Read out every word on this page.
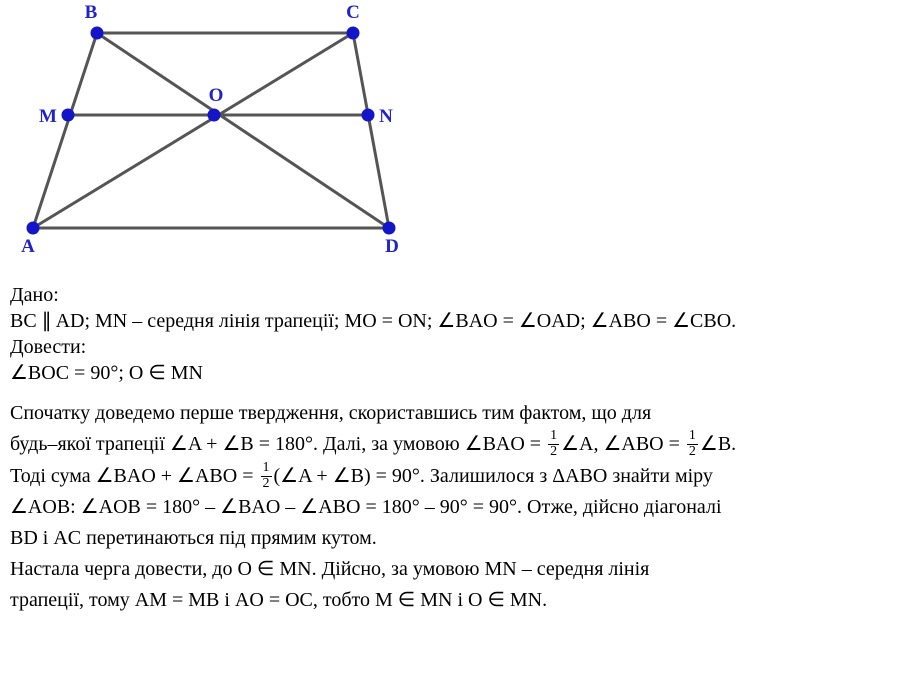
B	C
M
O
N
A	D

Дано:

BC ∥ AD; MN – середня лінія трапеції; MO = ON; ∠BAO = ∠OAD; ∠ABO = ∠CBO.

Довести:

∠BOC = 90°; O ∈ MN

Спочатку доведемо перше твердження, скориставшись тим фактом, що для

будь–якої трапеції ∠A + ∠B = 180°. Далі, за умовою ∠BAO = $\frac{1}{2}$ ∠A, ∠ABO = $\frac{1}{2}$ ∠B.

Тоді сума ∠BAO + ∠ABO = $\frac{1}{2}$ (∠A + ∠B) = 90°. Залишилося з ΔABO знайти міру

∠AOB: ∠AOB = 180° – ∠BAO – ∠ABO = 180° – 90° = 90°. Отже, дійсно діагоналі

BD і AC перетинаються під прямим кутом.

Настала черга довести, до O ∈ MN. Дійсно, за умовою MN – середня лінія

трапеції, тому AM = MB і AO = OC, тобто M ∈ MN і O ∈ MN.
